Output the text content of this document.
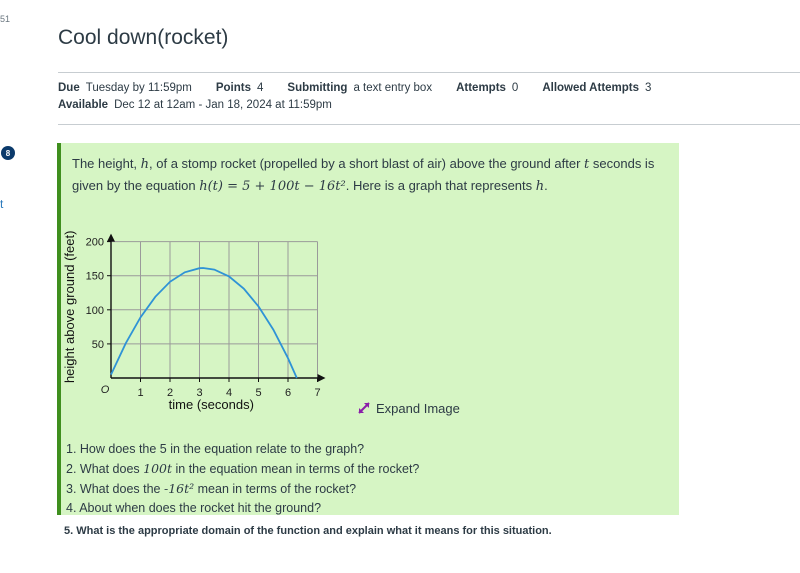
51
8
t
Cool down(rocket)
Due Tuesday by 11:59pm Points 4 Submitting a text entry box Attempts 0 Allowed Attempts 3
Available Dec 12 at 12am - Jan 18, 2024 at 11:59pm
The height, h, of a stomp rocket (propelled by a short blast of air) above the ground after t seconds is given by the equation h(t) = 5 + 100t − 16t². Here is a graph that represents h.
50
100
150
200
1 2 3 4 5 6 7
O
time (seconds)
height above ground (feet)
Expand Image
1. How does the 5 in the equation relate to the graph?
2. What does 100t in the equation mean in terms of the rocket?
3. What does the -16t² mean in terms of the rocket?
4. About when does the rocket hit the ground?
5. What is the appropriate domain of the function and explain what it means for this situation.
